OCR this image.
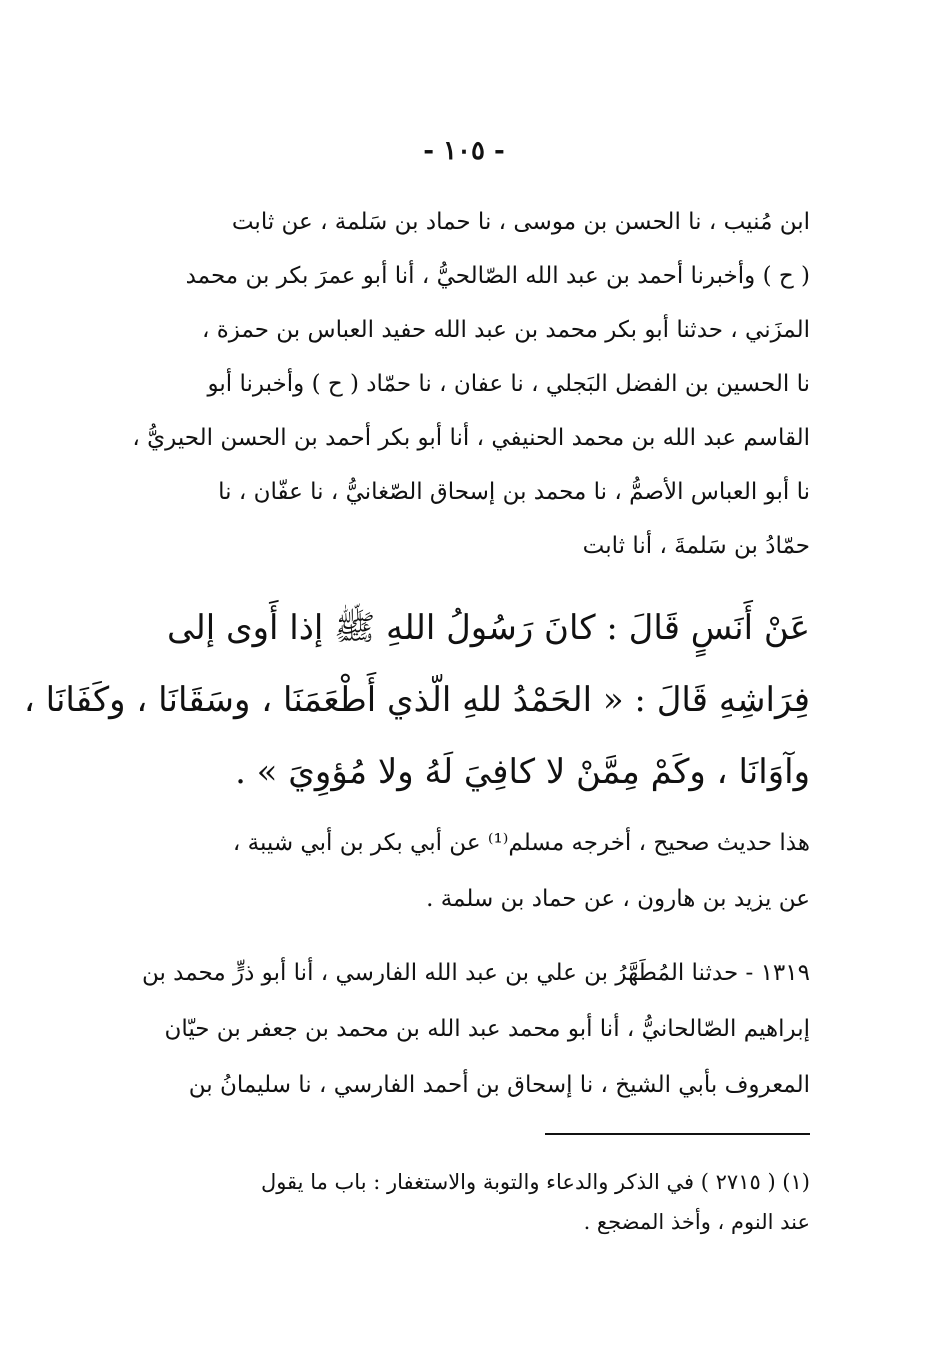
- ١٠٥ -
ابن مُنيب ، نا الحسن بن موسى ، نا حماد بن سَلمة ، عن ثابت
( ح ) وأخبرنا أحمد بن عبد الله الصّالحيُّ ، أنا أبو عمرَ بكر بن محمد
المزَني ، حدثنا أبو بكر محمد بن عبد الله حفيد العباس بن حمزة ،
نا الحسين بن الفضل البَجلي ، نا عفان ، نا حمّاد ( ح ) وأخبرنا أبو
القاسم عبد الله بن محمد الحنيفي ، أنا أبو بكر أحمد بن الحسن الحيريُّ ،
نا أبو العباس الأصمُّ ، نا محمد بن إسحاق الصّغانيُّ ، نا عفّان ، نا
حمّادُ بن سَلمةَ ، أنا ثابت
عَنْ أَنَسٍ قَالَ : كانَ رَسُولُ اللهِ ﷺ إذا أَوى إلى
فِرَاشِهِ قَالَ : « الحَمْدُ للهِ الّذي أَطْعَمَنَا ، وسَقَانَا ، وكَفَانَا ،
وآوَانَا ، وكَمْ مِمَّنْ لا كافِيَ لَهُ ولا مُؤوِيَ » .
هذا حديث صحيح ، أخرجه مسلم⁽¹⁾ عن أبي بكر بن أبي شيبة ،
عن يزيد بن هارون ، عن حماد بن سلمة .
١٣١٩ - حدثنا المُطَهَّرُ بن علي بن عبد الله الفارسي ، أنا أبو ذرٍّ محمد بن
إبراهيم الصّالحانيُّ ، أنا أبو محمد عبد الله بن محمد بن جعفر بن حيّان
المعروف بأبي الشيخ ، نا إسحاق بن أحمد الفارسي ، نا سليمانُ بن
(١) ( ٢٧١٥ ) في الذكر والدعاء والتوبة والاستغفار : باب ما يقول
عند النوم ، وأخذ المضجع .
